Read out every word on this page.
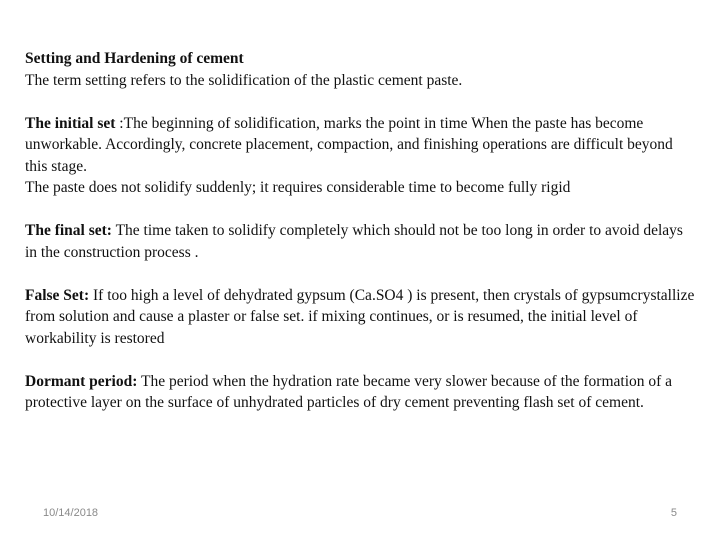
Setting and Hardening of cement

The term setting refers to the solidification of the plastic cement paste.

The initial set :The beginning of solidification, marks the point in time When the paste has become unworkable. Accordingly, concrete placement, compaction, and finishing operations are difficult beyond this stage.

The paste does not solidify suddenly; it requires considerable time to become fully rigid

The final set: The time taken to solidify completely which should not be too long in order to avoid delays in the construction process .

False Set: If too high a level of dehydrated gypsum (Ca.SO4 ) is present, then crystals of gypsumcrystallize from solution and cause a plaster or false set. if mixing continues, or is resumed, the initial level of workability is restored

Dormant period: The period when the hydration rate became very slower because of the formation of a protective layer on the surface of unhydrated particles of dry cement preventing flash set of cement.

10/14/2018	5
